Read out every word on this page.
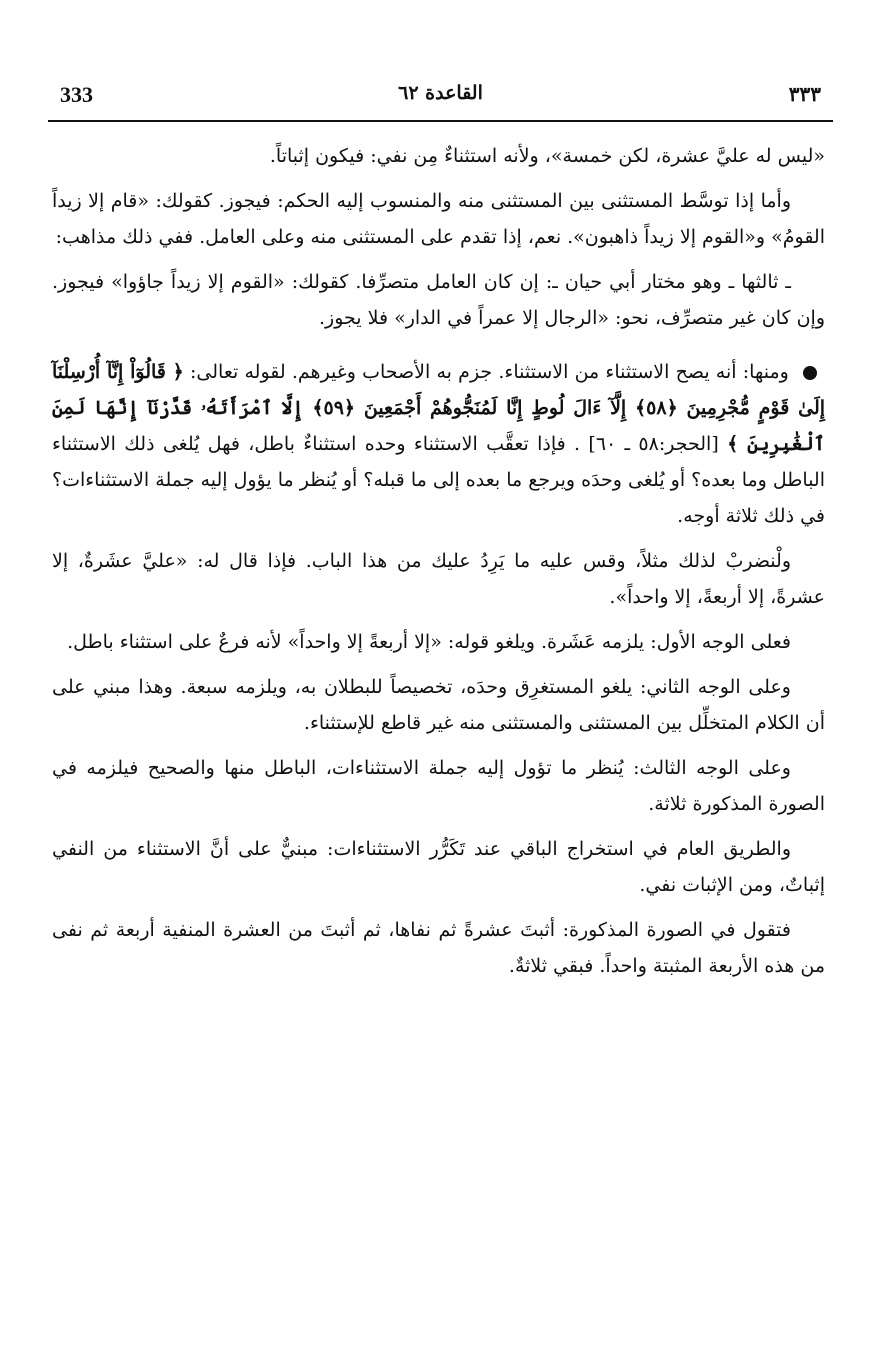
333	القاعدة ٦٢	٣٣٣

«ليس له عليَّ عشرة، لكن خمسة»، ولأنه استثناءٌ مِن نفي: فيكون إثباتاً.

وأما إذا توسَّط المستثنى بين المستثنى منه والمنسوب إليه الحكم: فيجوز. كقولك: «قام إلا زيداً القومُ» و«القوم إلا زيداً ذاهبون». نعم، إذا تقدم على المستثنى منه وعلى العامل. ففي ذلك مذاهب:

ـ ثالثها ـ وهو مختار أبي حيان ـ: إن كان العامل متصرِّفا. كقولك: «القوم إلا زيداً جاؤوا» فيجوز. وإن كان غير متصرِّف، نحو: «الرجال إلا عمراً في الدار» فلا يجوز.

ومنها: أنه يصح الاستثناء من الاستثناء. جزم به الأصحاب وغيرهم. لقوله تعالى: ﴿ قَالُوٓاْ إِنَّآ أُرْسِلْنَآ إِلَىٰ قَوْمٍ مُّجْرِمِينَ ﴿٥٨﴾ إِلَّآ ءَالَ لُوطٍ إِنَّا لَمُنَجُّوهُمْ أَجْمَعِينَ ﴿٥٩﴾ إِلَّا ٱمْرَأَتَهُۥ قَدَّرْنَآ إِنَّهَا لَمِنَ ٱلْغَٰبِرِينَ ﴾ [الحجر:٥٨ ـ ٦٠] . فإذا تعقَّب الاستثناء وحده استثناءٌ باطل، فهل يُلغى ذلك الاستثناء الباطل وما بعده؟ أو يُلغى وحدَه ويرجع ما بعده إلى ما قبله؟ أو يُنظر ما يؤول إليه جملة الاستثناءات؟ في ذلك ثلاثة أوجه.

ولْنضربْ لذلك مثلاً، وقس عليه ما يَرِدُ عليك من هذا الباب. فإذا قال له: «عليَّ عشَرةٌ، إلا عشرةً، إلا أربعةً، إلا واحداً».

فعلى الوجه الأول: يلزمه عَشَرة. ويلغو قوله: «إلا أربعةً إلا واحداً» لأنه فرعٌ على استثناء باطل.

وعلى الوجه الثاني: يلغو المستغرِق وحدَه، تخصيصاً للبطلان به، ويلزمه سبعة. وهذا مبني على أن الكلام المتخلِّل بين المستثنى والمستثنى منه غير قاطع للإستثناء.

وعلى الوجه الثالث: يُنظر ما تؤول إليه جملة الاستثناءات، الباطل منها والصحيح فيلزمه في الصورة المذكورة ثلاثة.

والطريق العام في استخراج الباقي عند تَكَرُّر الاستثناءات: مبنيٌّ على أنَّ الاستثناء من النفي إثباتٌ، ومن الإثبات نفي.

فتقول في الصورة المذكورة: أثبتَ عشرةً ثم نفاها، ثم أثبتَ من العشرة المنفية أربعة ثم نفى من هذه الأربعة المثبتة واحداً. فبقي ثلاثةٌ.
